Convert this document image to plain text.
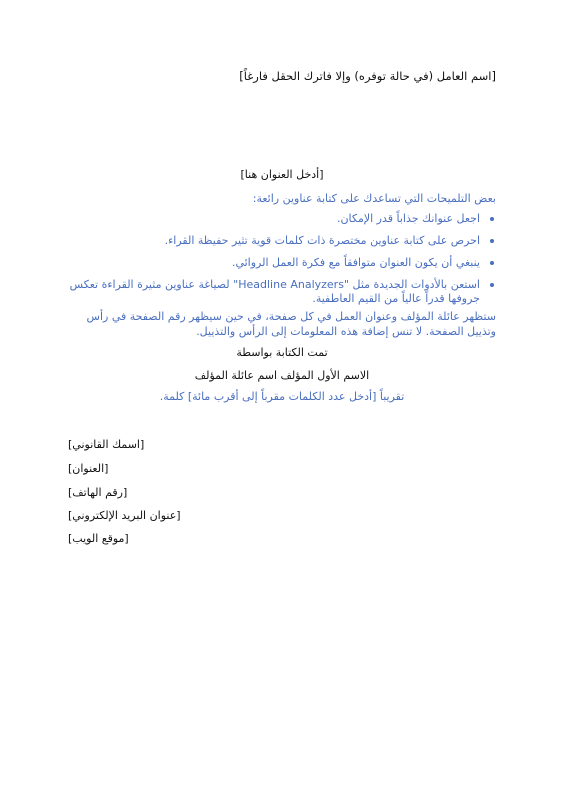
[اسم العامل (في حالة توفره) وإلا فاترك الحقل فارغاً]
[أدخل العنوان هنا]
بعض التلميحات التي تساعدك على كتابة عناوين رائعة:
اجعل عنوانك جذاباً قدر الإمكان.
احرص على كتابة عناوين مختصرة ذات كلمات قوية تثير حفيظة القراء.
ينبغي أن يكون العنوان متوافقاً مع فكرة العمل الروائي.
استعن بالأدوات الجديدة مثل "Headline Analyzers" لصياغة عناوين مثيرة القراءة تعكس جروفها قدراً عالياً من القيم العاطفية.
ستظهر عائلة المؤلف وعنوان العمل في كل صفحة، في حين سيظهر رقم الصفحة في رأس وتذييل الصفحة. لا تنس إضافة هذه المعلومات إلى الرأس والتذييل.
تمت الكتابة بواسطة
الاسم الأول المؤلف اسم عائلة المؤلف
تقريباً [أدخل عدد الكلمات مقرباً إلى أقرب مائة] كلمة.
[اسمك القانوني]
[العنوان]
[رقم الهاتف]
[عنوان البريد الإلكتروني]
[موقع الويب]
